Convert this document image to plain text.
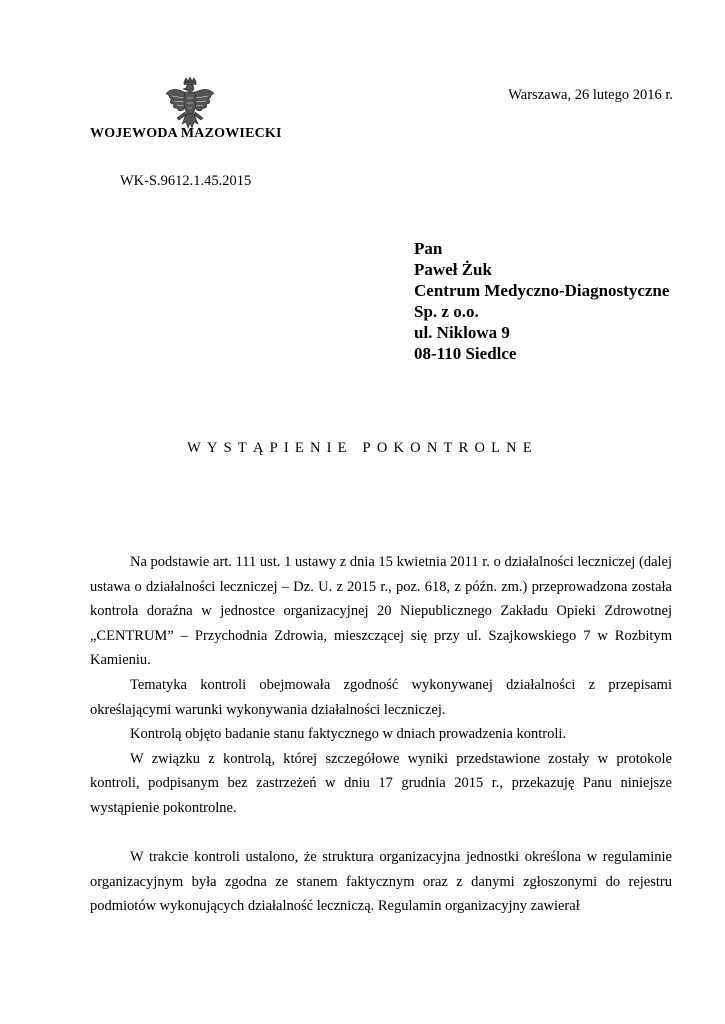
WOJEWODA MAZOWIECKI
Warszawa, 26 lutego 2016 r.
WK-S.9612.1.45.2015
Pan
Paweł Żuk
Centrum Medyczno-Diagnostyczne
Sp. z o.o.
ul. Niklowa 9
08-110 Siedlce
WYSTĄPIENIE POKONTROLNE

Na podstawie art. 111 ust. 1 ustawy z dnia 15 kwietnia 2011 r. o działalności leczniczej (dalej ustawa o działalności leczniczej – Dz. U. z 2015 r., poz. 618, z późn. zm.) przeprowadzona została kontrola doraźna w jednostce organizacyjnej 20 Niepublicznego Zakładu Opieki Zdrowotnej „CENTRUM” – Przychodnia Zdrowia, mieszczącej się przy ul. Szajkowskiego 7 w Rozbitym Kamieniu.

Tematyka kontroli obejmowała zgodność wykonywanej działalności z przepisami określającymi warunki wykonywania działalności leczniczej.

Kontrolą objęto badanie stanu faktycznego w dniach prowadzenia kontroli.

W związku z kontrolą, której szczegółowe wyniki przedstawione zostały w protokole kontroli, podpisanym bez zastrzeżeń w dniu 17 grudnia 2015 r., przekazuję Panu niniejsze wystąpienie pokontrolne.

W trakcie kontroli ustalono, że struktura organizacyjna jednostki określona w regulaminie organizacyjnym była zgodna ze stanem faktycznym oraz z danymi zgłoszonymi do rejestru podmiotów wykonujących działalność leczniczą. Regulamin organizacyjny zawierał
